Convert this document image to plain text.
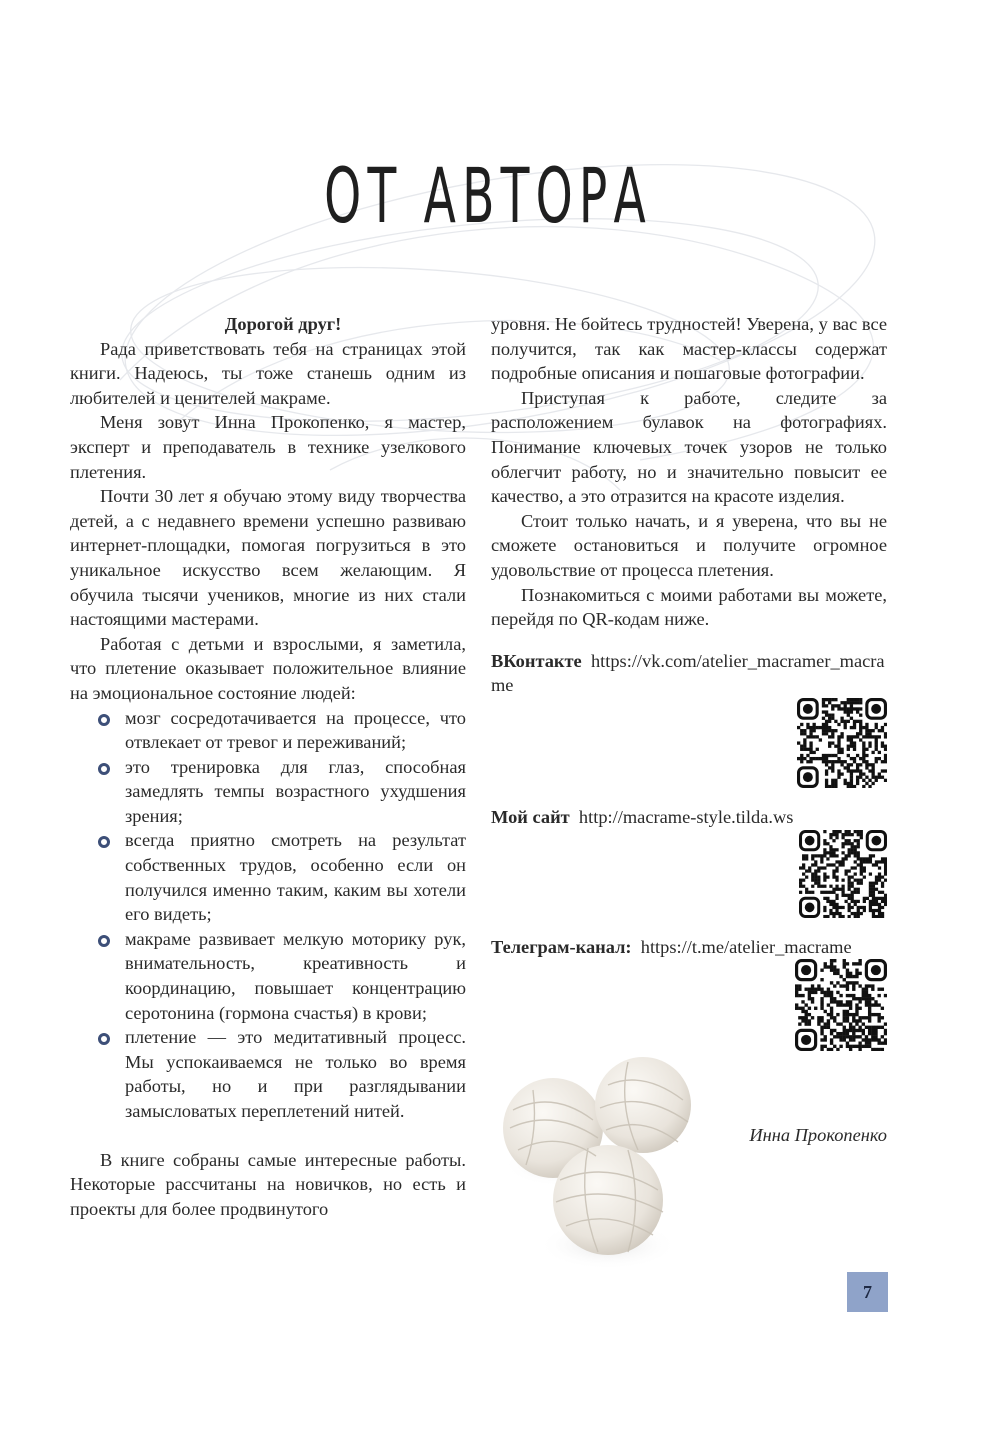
ОТ АВТОРА

Дорогой друг!

Рада приветствовать тебя на страницах этой книги. Надеюсь, ты тоже станешь одним из любителей и ценителей макраме.

Меня зовут Инна Прокопенко, я мастер, эксперт и преподаватель в технике узелкового плетения.

Почти 30 лет я обучаю этому виду творчества детей, а с недавнего времени успешно развиваю интернет-площадки, помогая погрузиться в это уникальное искусство всем желающим. Я обучила тысячи учеников, многие из них стали настоящими мастерами.

Работая с детьми и взрослыми, я заметила, что плетение оказывает положительное влияние на эмоциональное состояние людей:

мозг сосредотачивается на процессе, что отвлекает от тревог и переживаний;
это тренировка для глаз, способная замедлять темпы возрастного ухудшения зрения;
всегда приятно смотреть на результат собственных трудов, особенно если он получился именно таким, каким вы хотели его видеть;
макраме развивает мелкую моторику рук, внимательность, креативность и координацию, повышает концентрацию серотонина (гормона счастья) в крови;
плетение — это медитативный процесс. Мы успокаиваемся не только во время работы, но и при разглядывании замысловатых переплетений нитей.

В книге собраны самые интересные работы. Некоторые рассчитаны на новичков, но есть и проекты для более продвинутого

уровня. Не бойтесь трудностей! Уверена, у вас все получится, так как мастер-классы содержат подробные описания и пошаговые фотографии.

Приступая к работе, следите за расположением булавок на фотографиях. Понимание ключевых точек узоров не только облегчит работу, но и значительно повысит ее качество, а это отразится на красоте изделия.

Стоит только начать, и я уверена, что вы не сможете остановиться и получите огромное удовольствие от процесса плетения.

Познакомиться с моими работами вы можете, перейдя по QR-кодам ниже.

ВКонтакте https://vk.com/atelier_macramer_macrame
Мой сайт http://macrame-style.tilda.ws
Телеграм-канал: https://t.me/atelier_macrame
Инна Прокопенко
7
